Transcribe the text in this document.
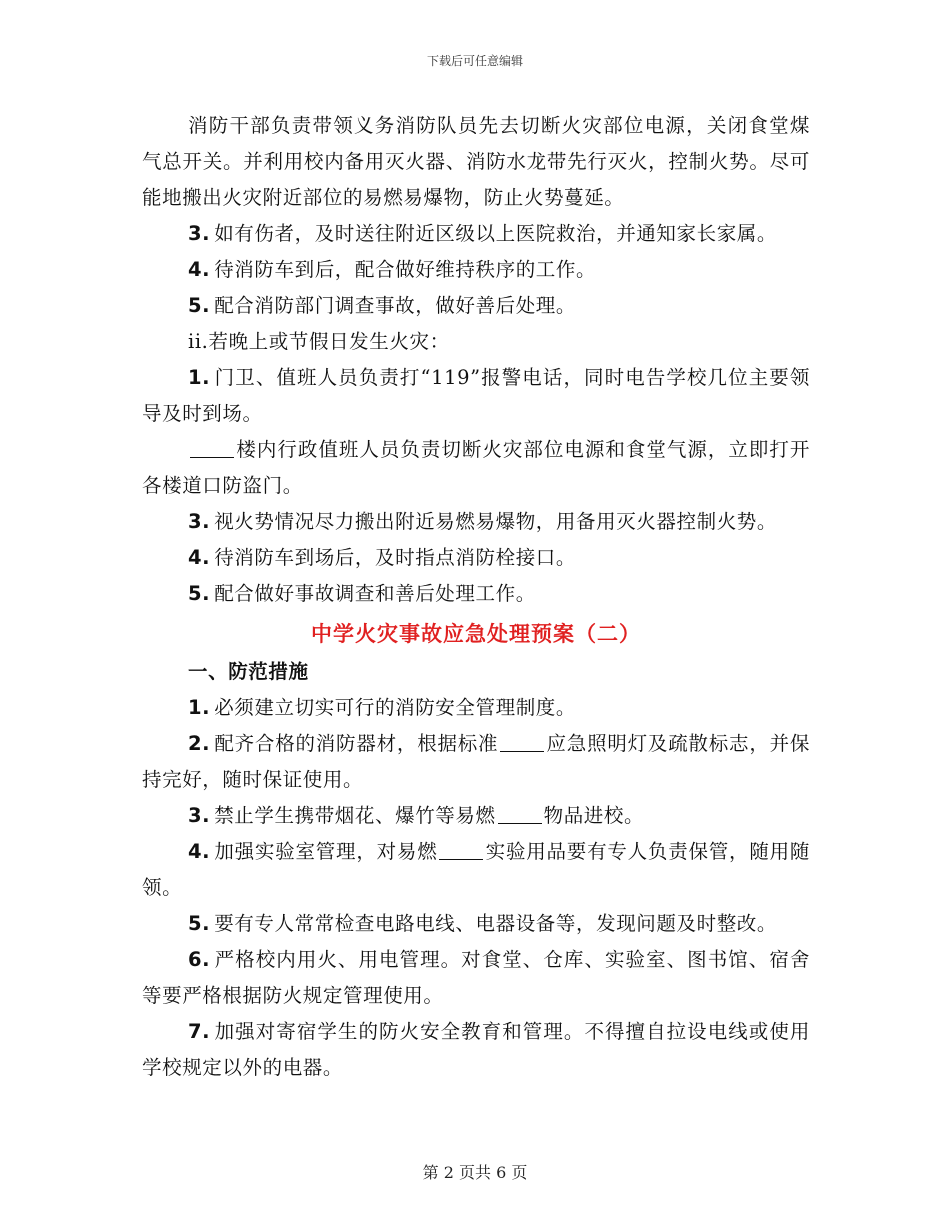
下载后可任意编辑

消防干部负责带领义务消防队员先去切断火灾部位电源，关闭食堂煤气总开关。并利用校内备用灭火器、消防水龙带先行灭火，控制火势。尽可能地搬出火灾附近部位的易燃易爆物，防止火势蔓延。

3. 如有伤者，及时送往附近区级以上医院救治，并通知家长家属。

4. 待消防车到后，配合做好维持秩序的工作。

5. 配合消防部门调查事故，做好善后处理。

ii.若晚上或节假日发生火灾：

1. 门卫、值班人员负责打“119”报警电话，同时电告学校几位主要领导及时到场。

楼内行政值班人员负责切断火灾部位电源和食堂气源，立即打开各楼道口防盗门。

3. 视火势情况尽力搬出附近易燃易爆物，用备用灭火器控制火势。

4. 待消防车到场后，及时指点消防栓接口。

5. 配合做好事故调查和善后处理工作。

中学火灾事故应急处理预案（二）
一、防范措施

1. 必须建立切实可行的消防安全管理制度。

2. 配齐合格的消防器材，根据标准 应急照明灯及疏散标志，并保持完好，随时保证使用。

3. 禁止学生携带烟花、爆竹等易燃 物品进校。

4. 加强实验室管理，对易燃 实验用品要有专人负责保管，随用随领。

5. 要有专人常常检查电路电线、电器设备等，发现问题及时整改。

6. 严格校内用火、用电管理。对食堂、仓库、实验室、图书馆、宿舍等要严格根据防火规定管理使用。

7. 加强对寄宿学生的防火安全教育和管理。不得擅自拉设电线或使用学校规定以外的电器。

第 2 页共 6 页
